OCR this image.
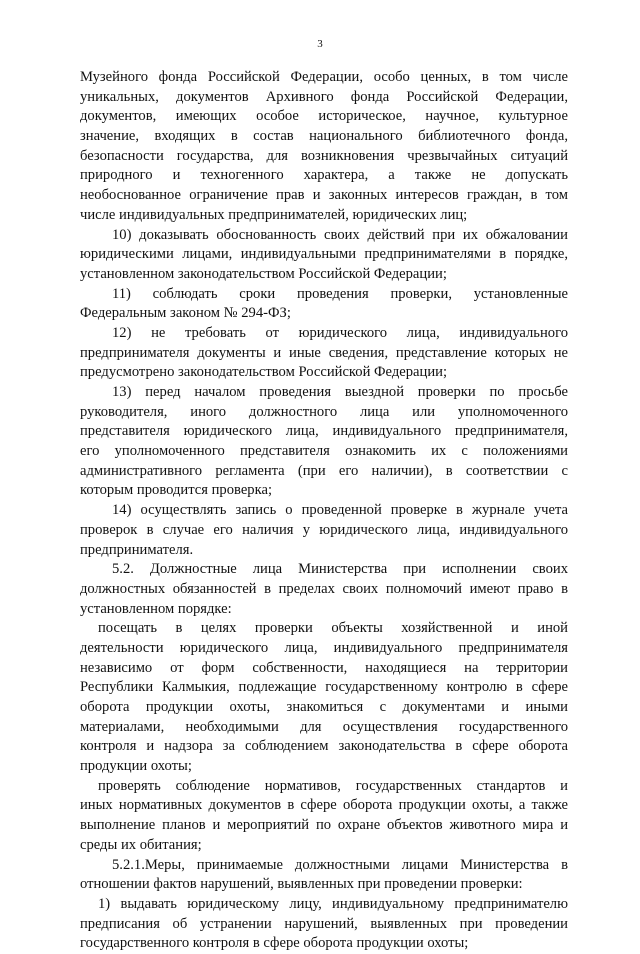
3
Музейного фонда Российской Федерации, особо ценных, в том числе
уникальных, документов Архивного фонда Российской Федерации,
документов, имеющих особое историческое, научное, культурное
значение, входящих в состав национального библиотечного фонда,
безопасности государства, для возникновения чрезвычайных ситуаций
природного и техногенного характера, а также не допускать
необоснованное ограничение прав и законных интересов граждан, в том
числе индивидуальных предпринимателей, юридических лиц;
10) доказывать обоснованность своих действий при их обжаловании
юридическими лицами, индивидуальными предпринимателями в порядке,
установленном законодательством Российской Федерации;
11) соблюдать сроки проведения проверки, установленные
Федеральным законом № 294-ФЗ;
12) не требовать от юридического лица, индивидуального
предпринимателя документы и иные сведения, представление которых не
предусмотрено законодательством Российской Федерации;
13) перед началом проведения выездной проверки по просьбе
руководителя, иного должностного лица или уполномоченного
представителя юридического лица, индивидуального предпринимателя,
его уполномоченного представителя ознакомить их с положениями
административного регламента (при его наличии), в соответствии с
которым проводится проверка;
14) осуществлять запись о проведенной проверке в журнале учета
проверок в случае его наличия у юридического лица, индивидуального
предпринимателя.
5.2. Должностные лица Министерства при исполнении своих
должностных обязанностей в пределах своих полномочий имеют право в
установленном порядке:
посещать в целях проверки объекты хозяйственной и иной
деятельности юридического лица, индивидуального предпринимателя
независимо от форм собственности, находящиеся на территории
Республики Калмыкия, подлежащие государственному контролю в сфере
оборота продукции охоты, знакомиться с документами и иными
материалами, необходимыми для осуществления государственного
контроля и надзора за соблюдением законодательства в сфере оборота
продукции охоты;
проверять соблюдение нормативов, государственных стандартов и
иных нормативных документов в сфере оборота продукции охоты, а также
выполнение планов и мероприятий по охране объектов животного мира и
среды их обитания;
5.2.1.Меры, принимаемые должностными лицами Министерства в
отношении фактов нарушений, выявленных при проведении проверки:
1) выдавать юридическому лицу, индивидуальному предпринимателю
предписания об устранении нарушений, выявленных при проведении
государственного контроля в сфере оборота продукции охоты;
